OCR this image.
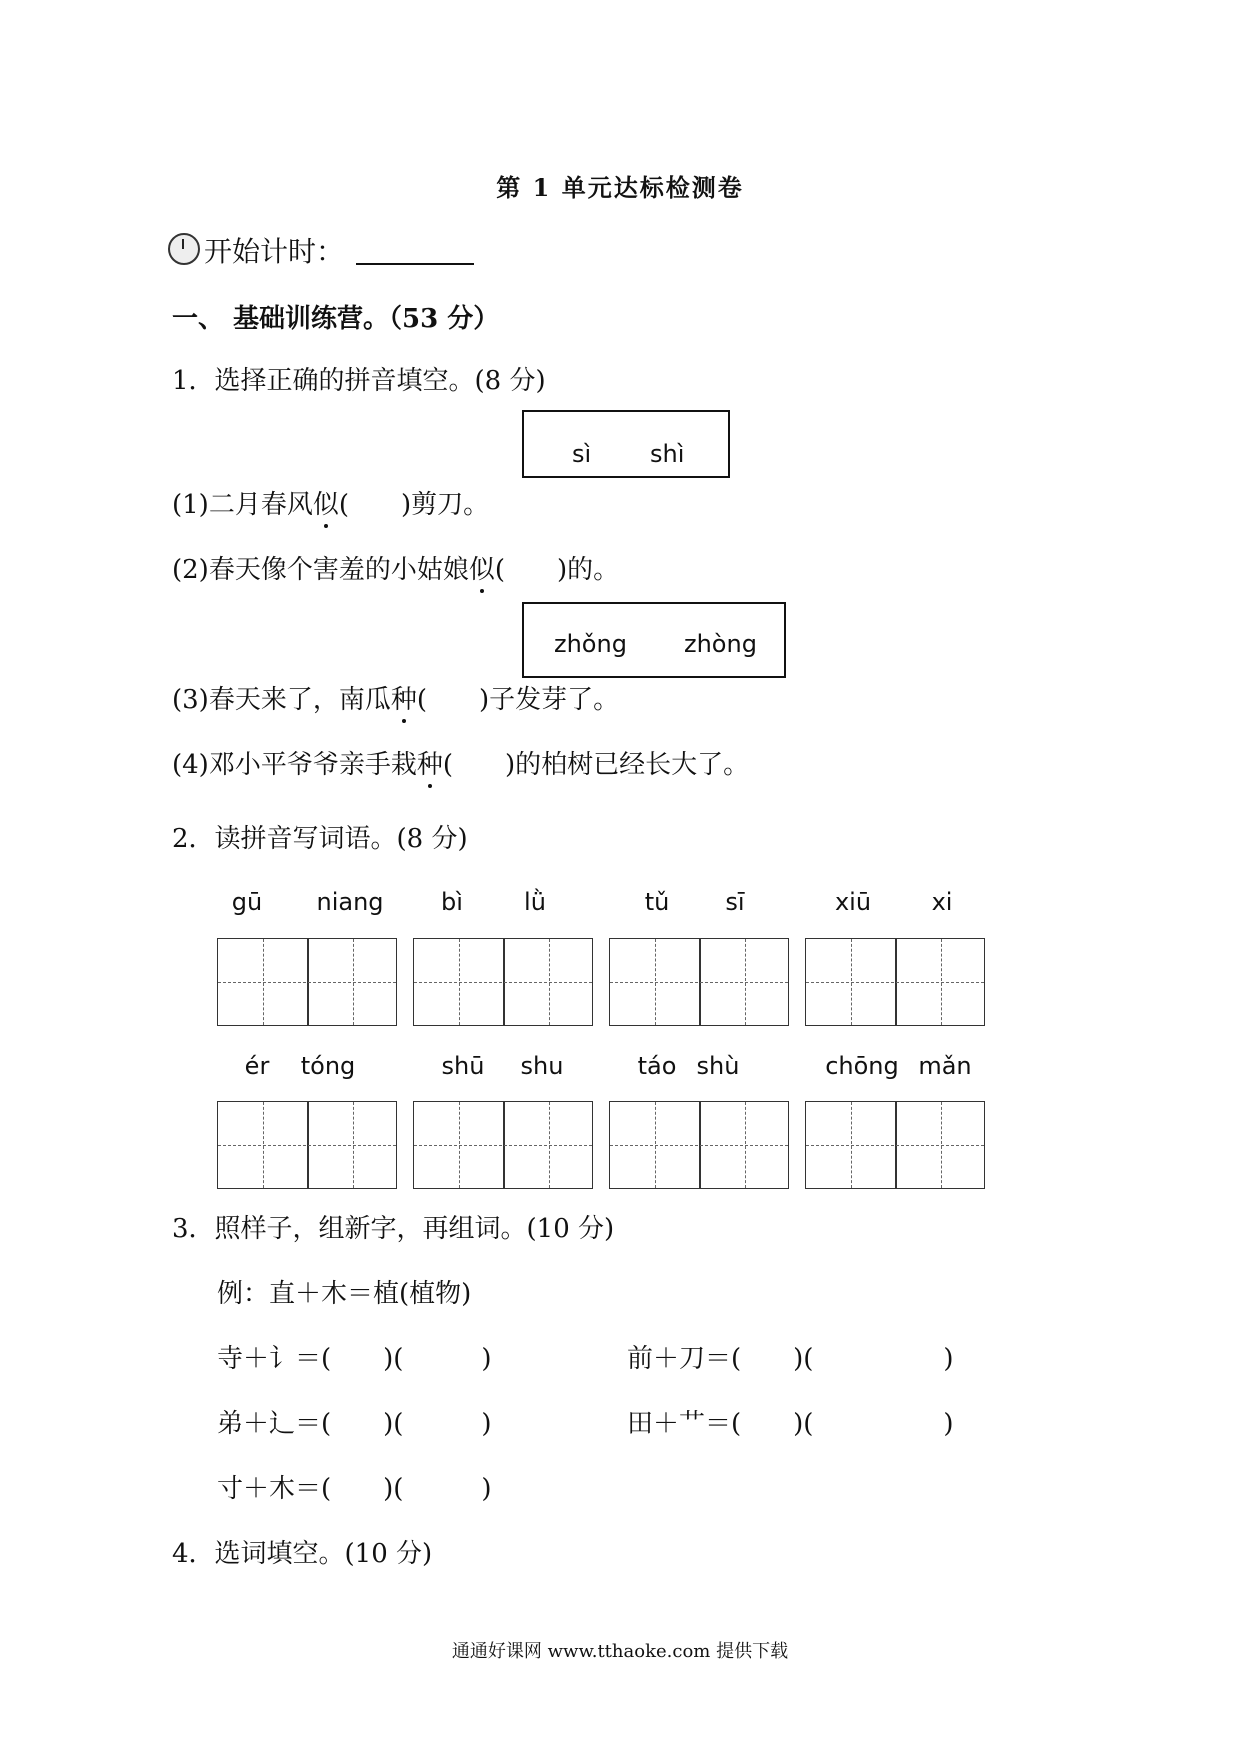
第 1 单元达标检测卷
开始计时：
一、 基础训练营。（53 分）
1．选择正确的拼音填空。(8 分)
sì shì
(1)二月春风似(　　)剪刀。
(2)春天像个害羞的小姑娘似(　　)的。
zhǒng zhòng
(3)春天来了，南瓜种(　　)子发芽了。
(4)邓小平爷爷亲手栽种(　　)的柏树已经长大了。
2．读拼音写词语。(8 分)
gū	niang	bì	lǜ	tǔ	sī	xiū	xi
ér	tóng	shū	shu	táo shù	chōng mǎn
3．照样子，组新字，再组词。(10 分)
例：直＋木＝植(植物)
寺＋讠＝(　　)(　　　)	前＋刀＝(　　)(　　　　　)
弟＋辶＝(　　)(　　　)	田＋艹＝(　　)(　　　　　)
寸＋木＝(　　)(　　　)
4．选词填空。(10 分)
通通好课网 www.tthaoke.com 提供下载
